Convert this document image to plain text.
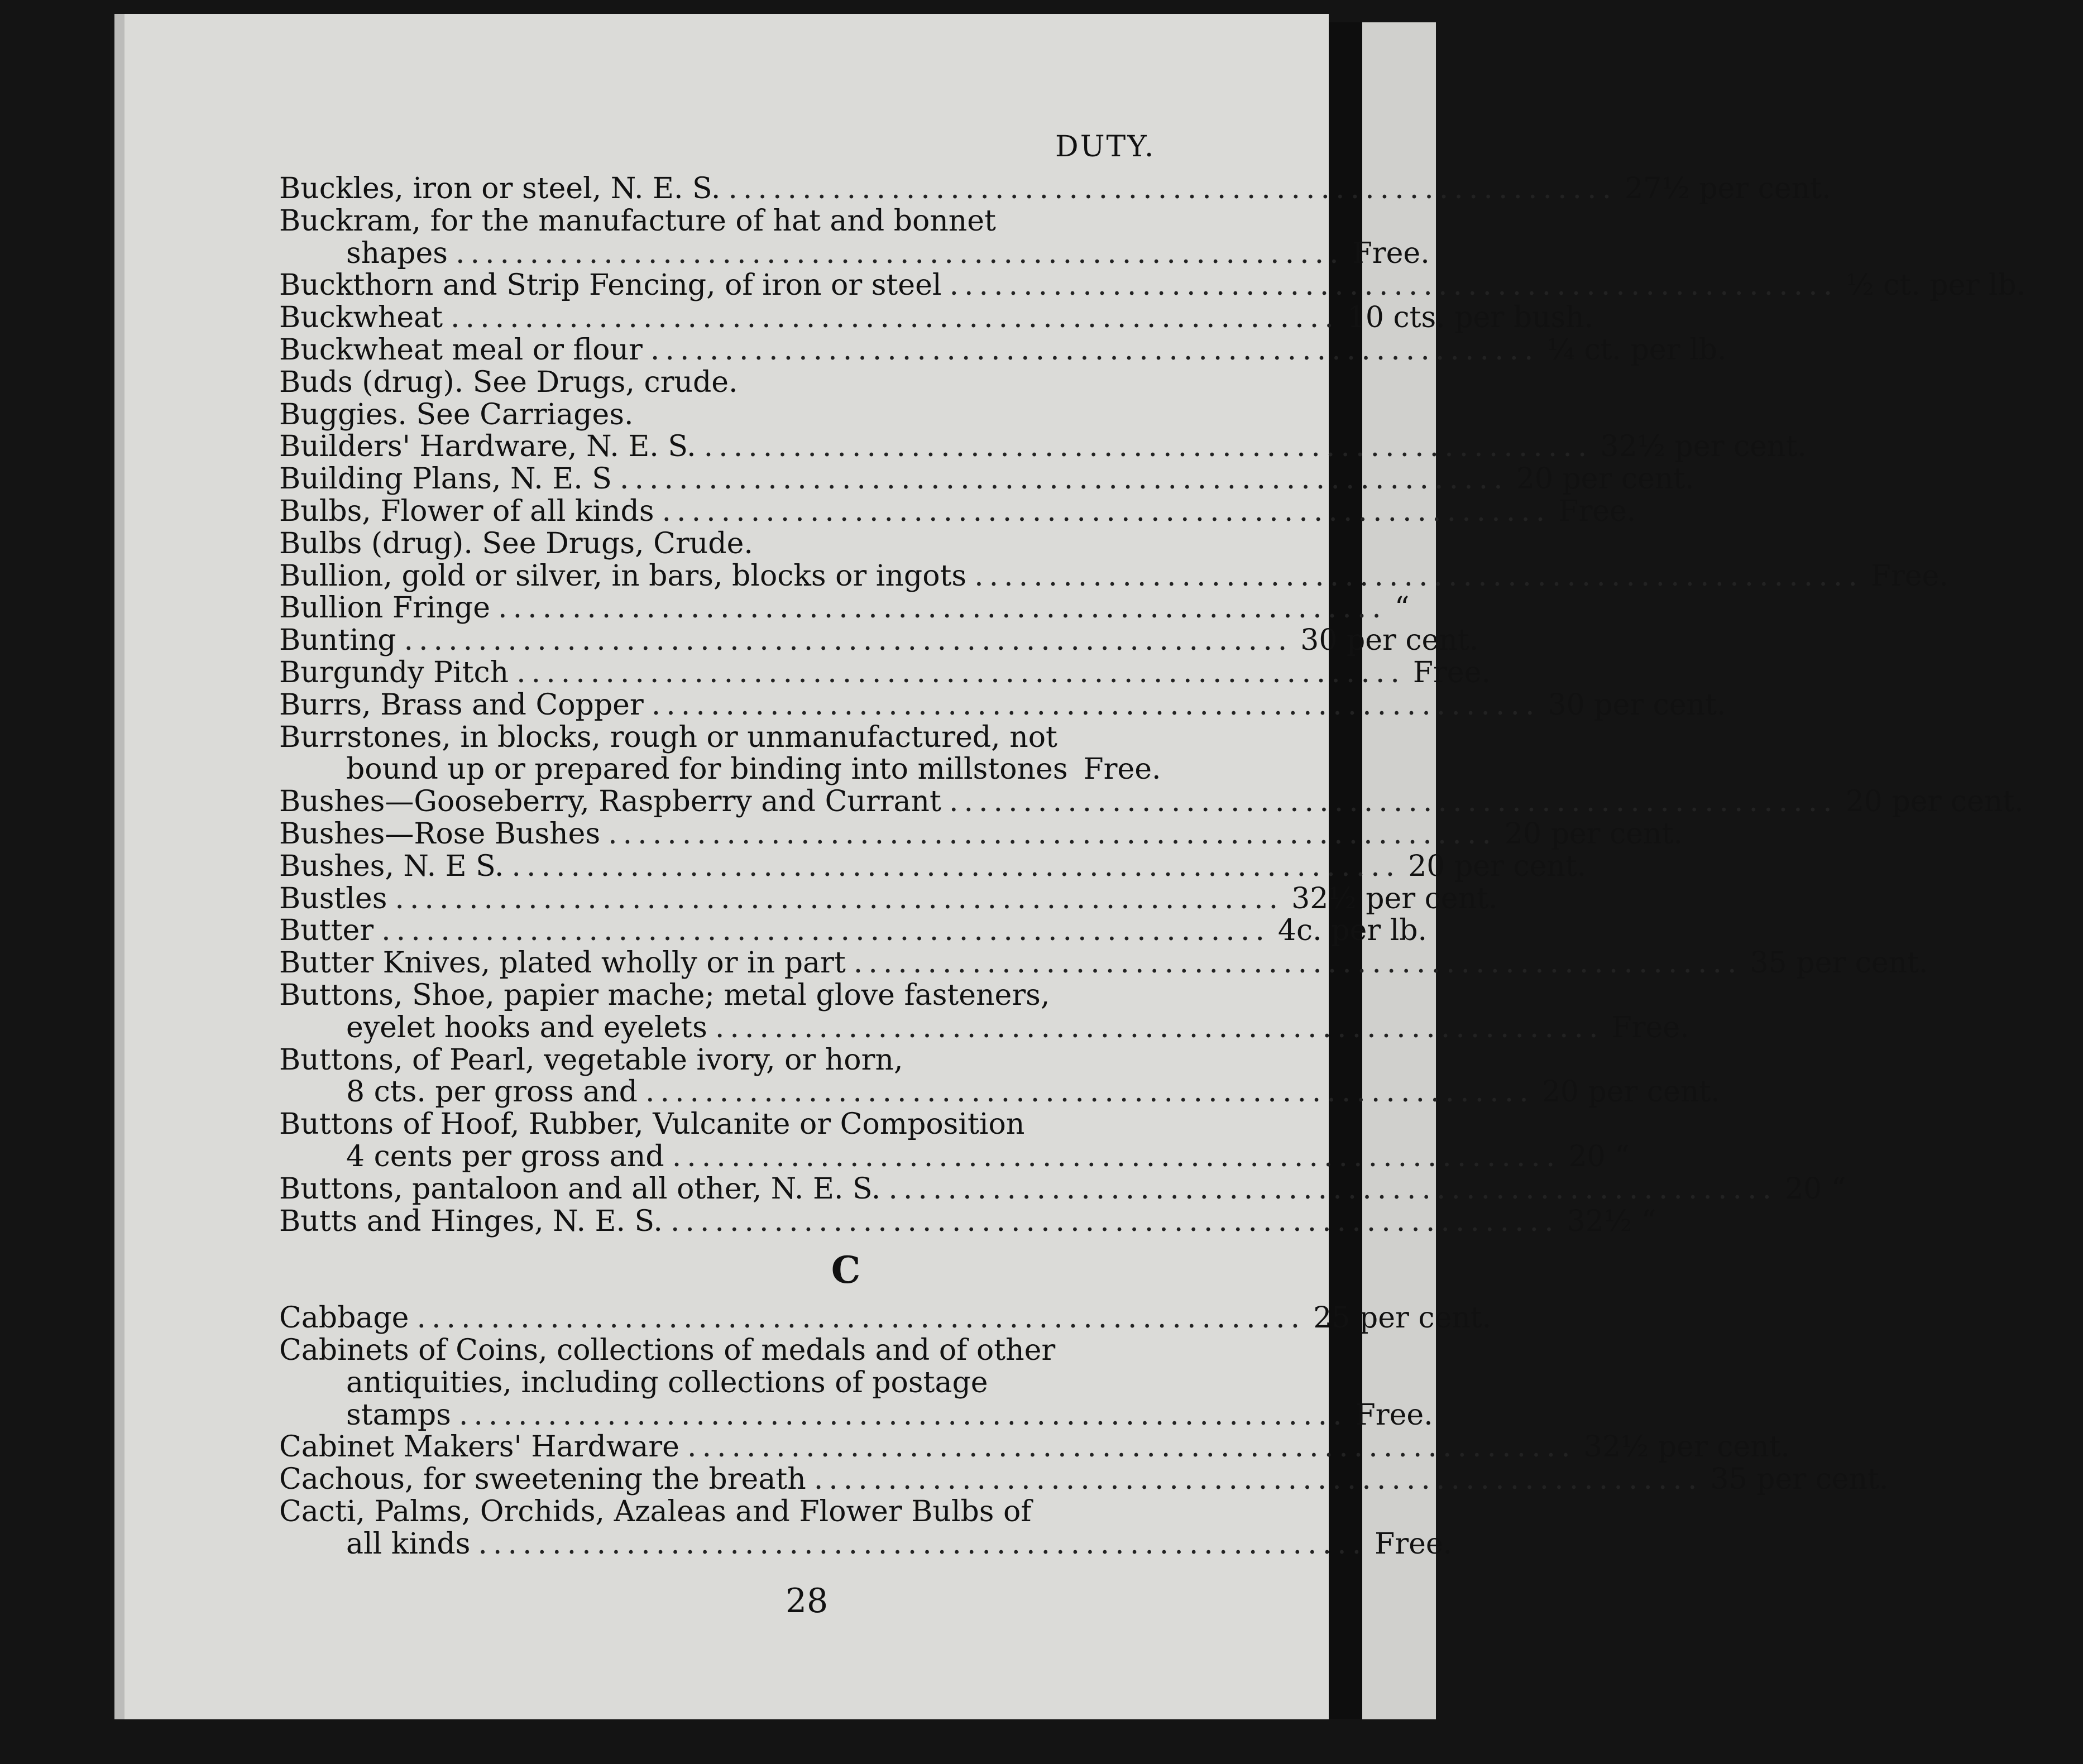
DUTY.
Buckles, iron or steel, N. E. S. ............................................................ 27½ per cent.
Buckram, for the manufacture of hat and bonnet
shapes ............................................................ Free.
Buckthorn and Strip Fencing, of iron or steel ............................................................ ½ ct. per lb.
Buckwheat ............................................................ 10 cts. per bush.
Buckwheat meal or flour ............................................................ ¼ ct. per lb.
Buds (drug). See Drugs, crude.
Buggies. See Carriages.
Builders' Hardware, N. E. S. ............................................................ 32½ per cent.
Building Plans, N. E. S ............................................................ 20 per cent.
Bulbs, Flower of all kinds ............................................................ Free.
Bulbs (drug). See Drugs, Crude.
Bullion, gold or silver, in bars, blocks or ingots ............................................................ Free.
Bullion Fringe ............................................................ “
Bunting ............................................................ 30 per cent.
Burgundy Pitch ............................................................ Free.
Burrs, Brass and Copper ............................................................ 30 per cent.
Burrstones, in blocks, rough or unmanufactured, not
bound up or prepared for binding into millstones Free.
Bushes—Gooseberry, Raspberry and Currant ............................................................ 20 per cent.
Bushes—Rose Bushes ............................................................ 20 per cent.
Bushes, N. E S. ............................................................ 20 per cent.
Bustles ............................................................ 32½ per cent.
Butter ............................................................ 4c. per lb.
Butter Knives, plated wholly or in part ............................................................ 35 per cent.
Buttons, Shoe, papier mache; metal glove fasteners,
eyelet hooks and eyelets ............................................................ Free.
Buttons, of Pearl, vegetable ivory, or horn,
8 cts. per gross and ............................................................ 20 per cent.
Buttons of Hoof, Rubber, Vulcanite or Composition
4 cents per gross and ............................................................ 20 “
Buttons, pantaloon and all other, N. E. S. ............................................................ 20 “
Butts and Hinges, N. E. S. ............................................................ 32½ “
C
Cabbage ............................................................ 25 per cent.
Cabinets of Coins, collections of medals and of other
antiquities, including collections of postage
stamps ............................................................ Free.
Cabinet Makers' Hardware ............................................................ 32½ per cent.
Cachous, for sweetening the breath ............................................................ 35 per cent.
Cacti, Palms, Orchids, Azaleas and Flower Bulbs of
all kinds ............................................................ Free.
28
